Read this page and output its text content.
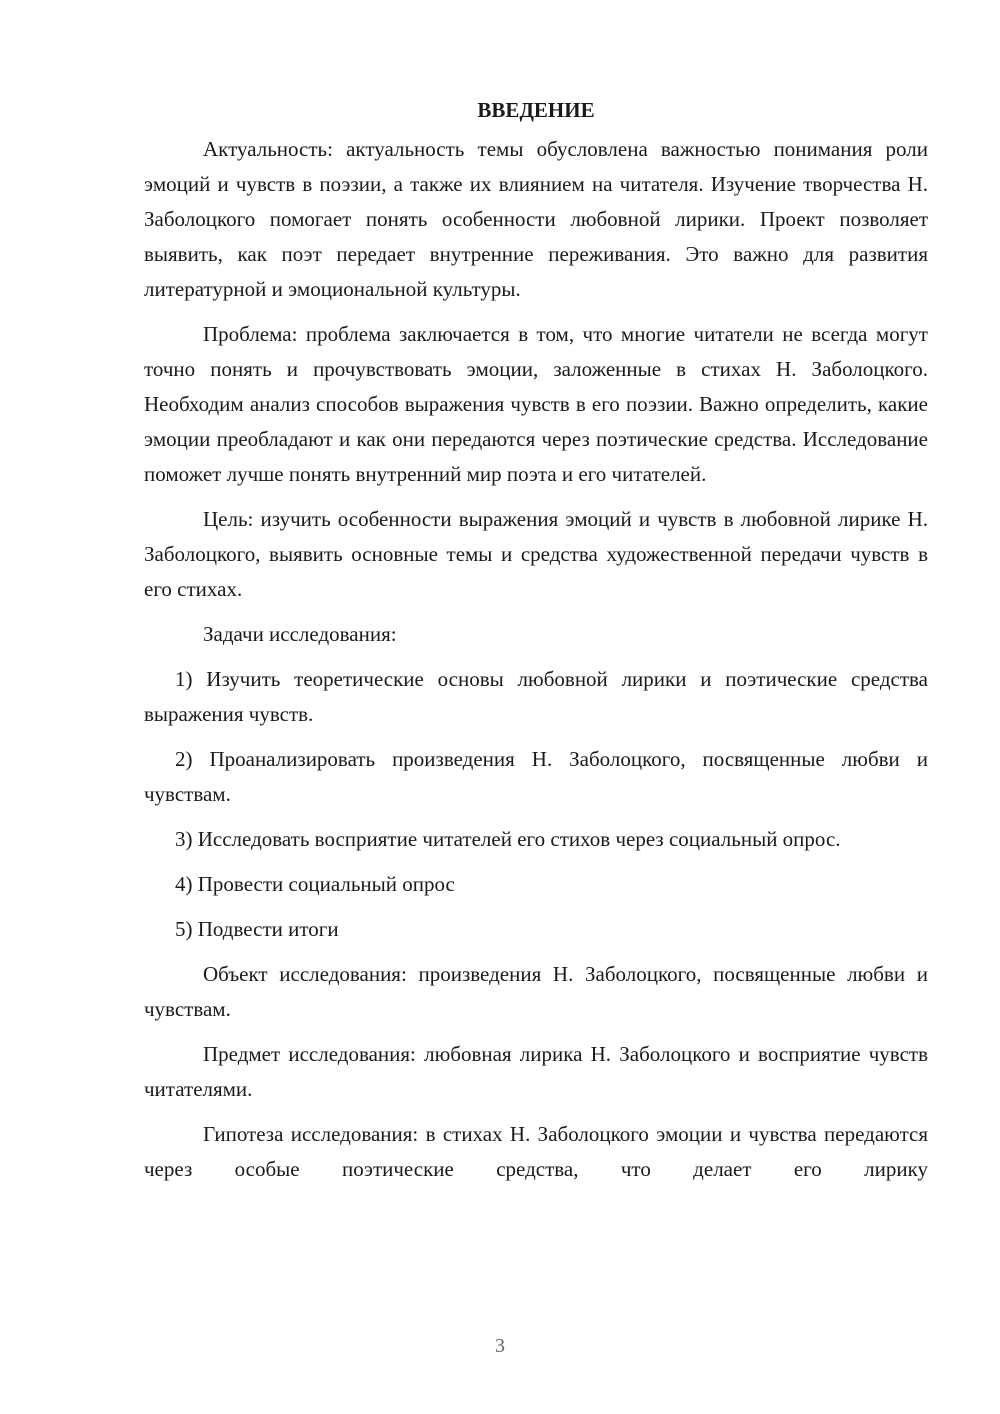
ВВЕДЕНИЕ

Актуальность: актуальность темы обусловлена важностью понимания роли эмоций и чувств в поэзии, а также их влиянием на читателя. Изучение творчества Н. Заболоцкого помогает понять особенности любовной лирики. Проект позволяет выявить, как поэт передает внутренние переживания. Это важно для развития литературной и эмоциональной культуры.

Проблема: проблема заключается в том, что многие читатели не всегда могут точно понять и прочувствовать эмоции, заложенные в стихах Н. Заболоцкого. Необходим анализ способов выражения чувств в его поэзии. Важно определить, какие эмоции преобладают и как они передаются через поэтические средства. Исследование поможет лучше понять внутренний мир поэта и его читателей.

Цель: изучить особенности выражения эмоций и чувств в любовной лирике Н. Заболоцкого, выявить основные темы и средства художественной передачи чувств в его стихах.

Задачи исследования:

1) Изучить теоретические основы любовной лирики и поэтические средства выражения чувств.

2) Проанализировать произведения Н. Заболоцкого, посвященные любви и чувствам.

3) Исследовать восприятие читателей его стихов через социальный опрос.

4) Провести социальный опрос

5) Подвести итоги

Объект исследования: произведения Н. Заболоцкого, посвященные любви и чувствам.

Предмет исследования: любовная лирика Н. Заболоцкого и восприятие чувств читателями.

Гипотеза исследования: в стихах Н. Заболоцкого эмоции и чувства передаются через особые поэтические средства, что делает его лирику

3
